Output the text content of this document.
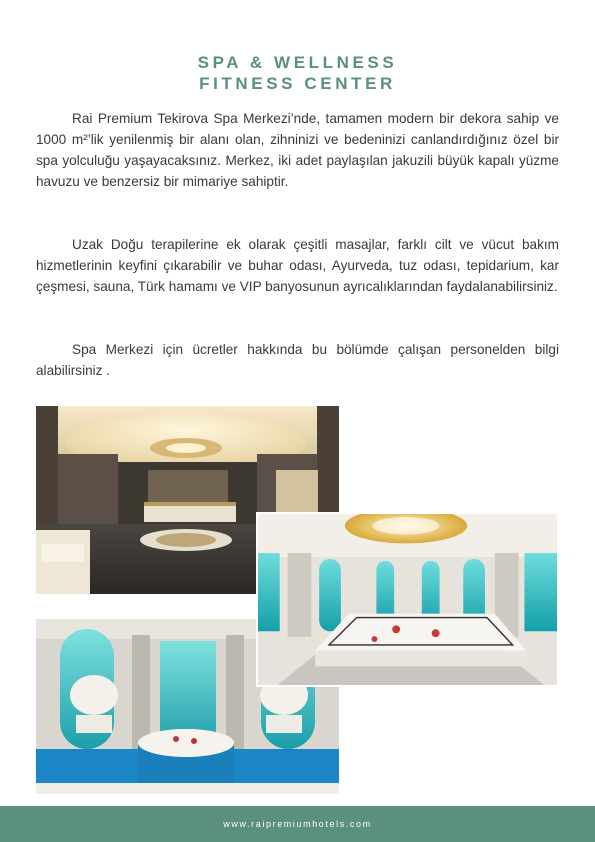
SPA & WELLNESS
FITNESS CENTER

Rai Premium Tekirova Spa Merkezi’nde, tamamen modern bir dekora sahip ve 1000 m²’lik yenilenmiş bir alanı olan, zihninizi ve bedeninizi canlandırdığınız özel bir spa yolculuğu yaşayacaksınız. Merkez, iki adet paylaşılan jakuzili büyük kapalı yüzme havuzu ve benzersiz bir mimariye sahiptir.

Uzak Doğu terapilerine ek olarak çeşitli masajlar, farklı cilt ve vücut bakım hizmetlerinin keyfini çıkarabilir ve buhar odası, Ayurveda, tuz odası, tepidarium, kar çeşmesi, sauna, Türk hamamı ve VIP banyosunun ayrıcalıklarından faydalanabilirsiniz.

Spa Merkezi için ücretler hakkında bu bölümde çalışan personelden bilgi alabilirsiniz .

www.raipremiumhotels.com
